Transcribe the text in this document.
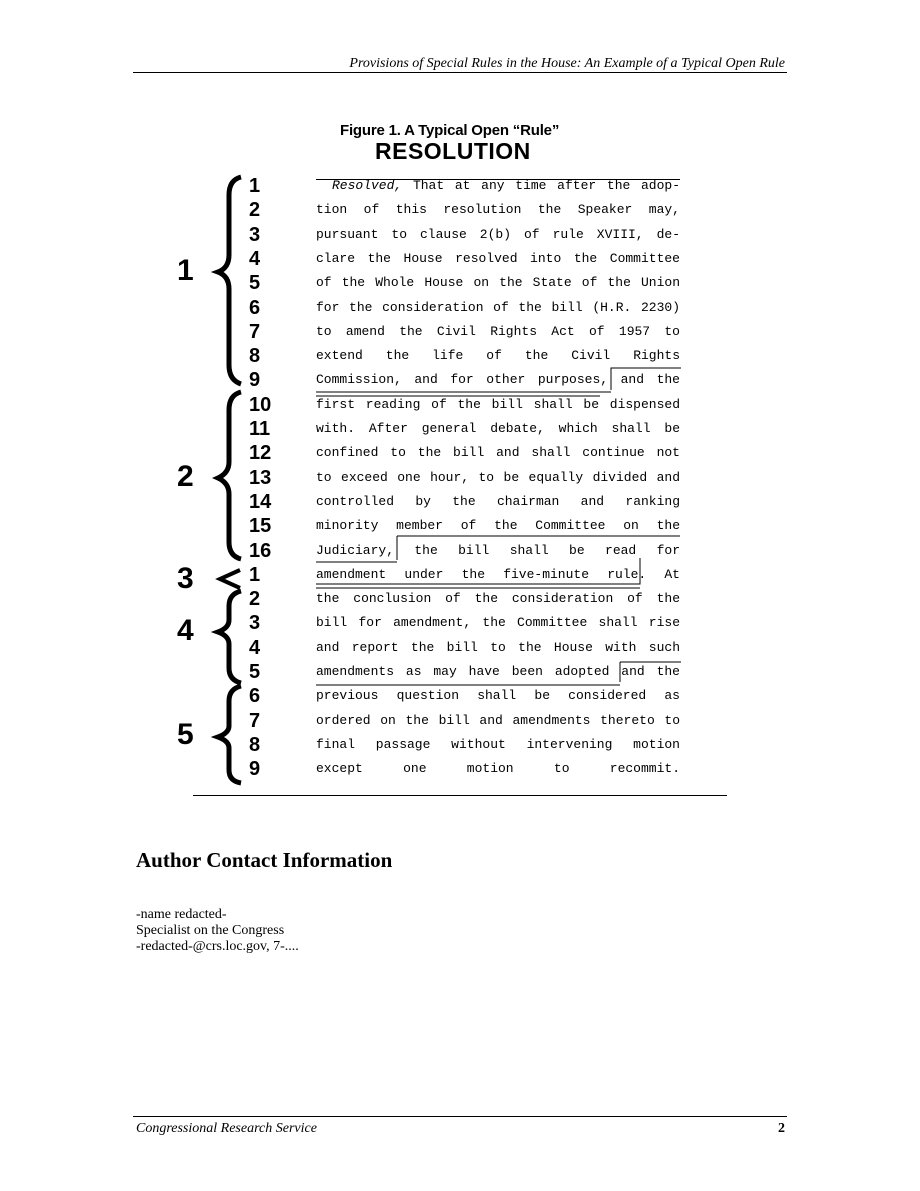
Provisions of Special Rules in the House: An Example of a Typical Open Rule
Figure 1. A Typical Open “Rule”
RESOLUTION
Resolved, That at any time after the adop-
tion of this resolution the Speaker may,
pursuant to clause 2(b) of rule XVIII, de-
clare the House resolved into the Committee
of the Whole House on the State of the Union
for the consideration of the bill (H.R. 2230)
to amend the Civil Rights Act of 1957 to
extend the life of the Civil Rights
Commission, and for other purposes, and the
first reading of the bill shall be dispensed
with. After general debate, which shall be
confined to the bill and shall continue not
to exceed one hour, to be equally divided and
controlled by the chairman and ranking
minority member of the Committee on the
Judiciary, the bill shall be read for
amendment under the five-minute rule. At
the conclusion of the consideration of the
bill for amendment, the Committee shall rise
and report the bill to the House with such
amendments as may have been adopted and the
previous question shall be considered as
ordered on the bill and amendments thereto to
final passage without intervening motion
except one motion to recommit.
1
2
3
4
5
6
7
8
9
10
11
12
13
14
15
16
1
2
3
4
5
6
7
8
9
1
2
3
4
5
Author Contact Information
-name redacted-
Specialist on the Congress
-redacted-@crs.loc.gov, 7-....
Congressional Research Service	2
